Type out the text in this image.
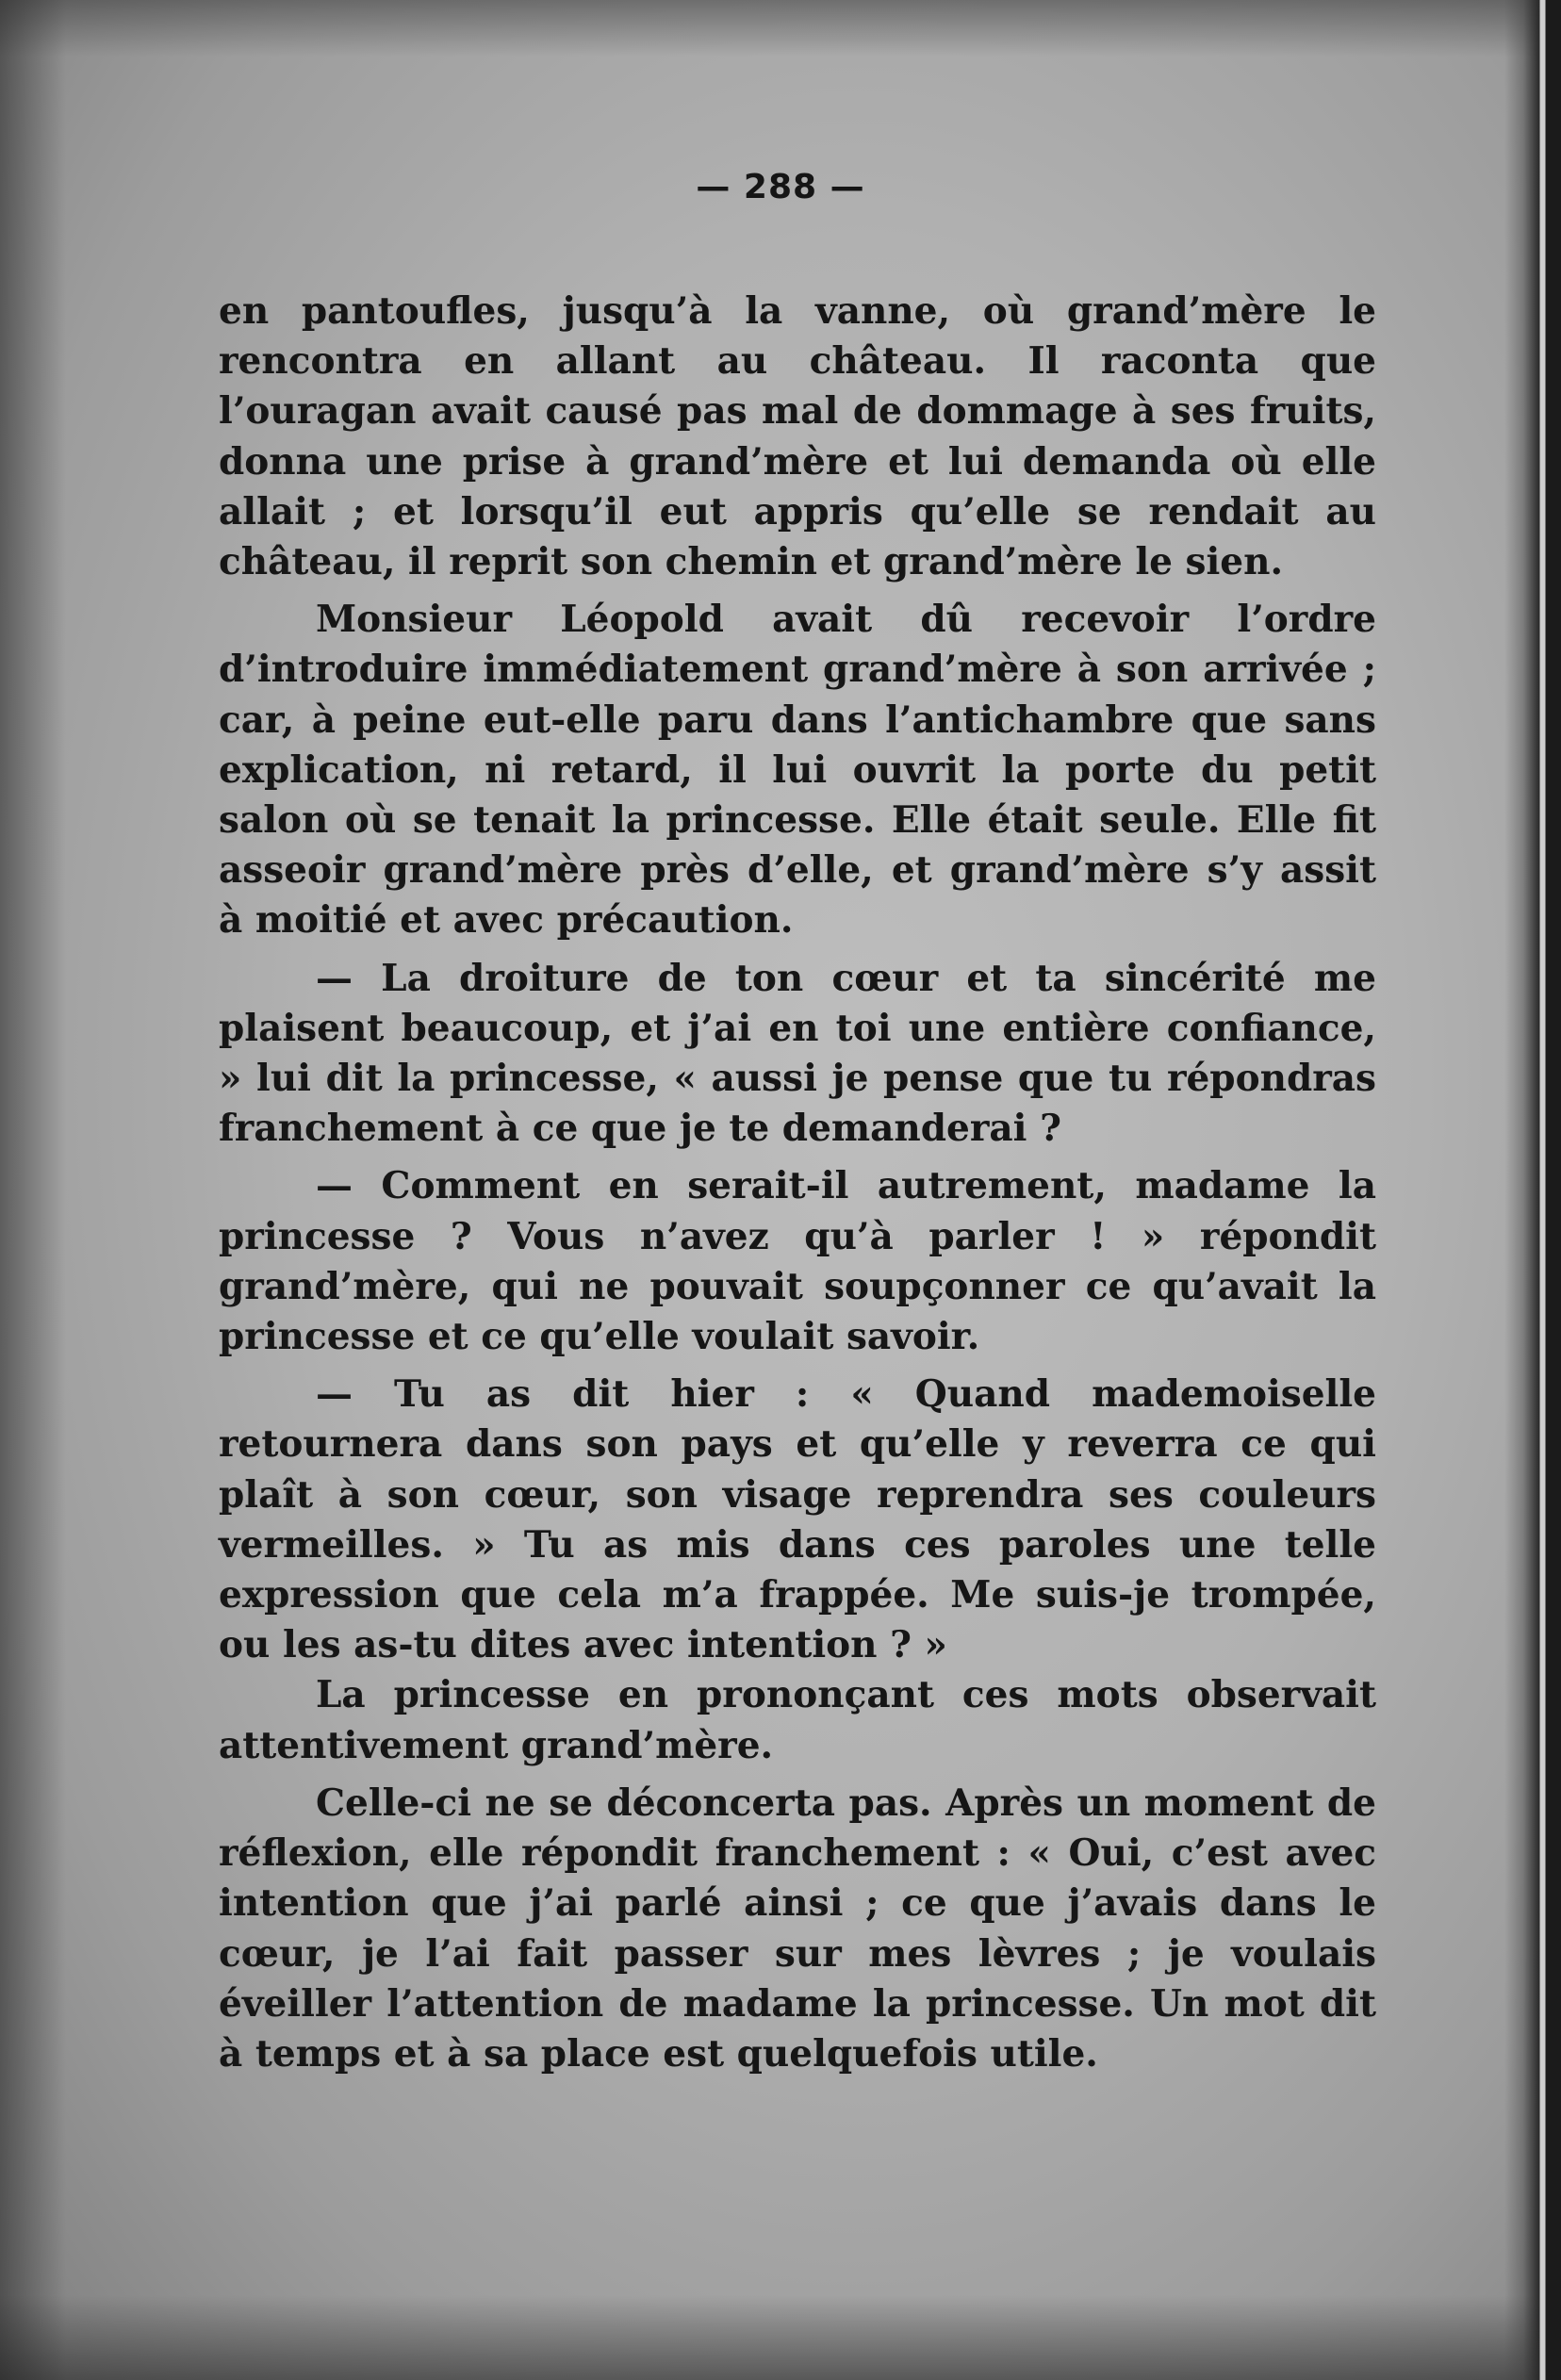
— 288 —

en pantoufles, jusqu’à la vanne, où grand’mère le rencontra en allant au château. Il raconta que l’ouragan avait causé pas mal de dommage à ses fruits, donna une prise à grand’mère et lui demanda où elle allait ; et lorsqu’il eut appris qu’elle se rendait au château, il reprit son chemin et grand’mère le sien.

Monsieur Léopold avait dû recevoir l’ordre d’introduire immédiatement grand’mère à son arrivée ; car, à peine eut-elle paru dans l’antichambre que sans explication, ni retard, il lui ouvrit la porte du petit salon où se tenait la princesse. Elle était seule. Elle fit asseoir grand’mère près d’elle, et grand’mère s’y assit à moitié et avec précaution.

— La droiture de ton cœur et ta sincérité me plaisent beaucoup, et j’ai en toi une entière confiance, » lui dit la princesse, « aussi je pense que tu répondras franchement à ce que je te demanderai ?

— Comment en serait-il autrement, madame la princesse ? Vous n’avez qu’à parler ! » répondit grand’mère, qui ne pouvait soupçonner ce qu’avait la princesse et ce qu’elle voulait savoir.

— Tu as dit hier : « Quand mademoiselle retournera dans son pays et qu’elle y reverra ce qui plaît à son cœur, son visage reprendra ses couleurs vermeilles. » Tu as mis dans ces paroles une telle expression que cela m’a frappée. Me suis-je trompée, ou les as-tu dites avec intention ? »

La princesse en prononçant ces mots observait attentivement grand’mère.

Celle-ci ne se déconcerta pas. Après un moment de réflexion, elle répondit franchement : « Oui, c’est avec intention que j’ai parlé ainsi ; ce que j’avais dans le cœur, je l’ai fait passer sur mes lèvres ; je voulais éveiller l’attention de madame la princesse. Un mot dit à temps et à sa place est quelquefois utile.
